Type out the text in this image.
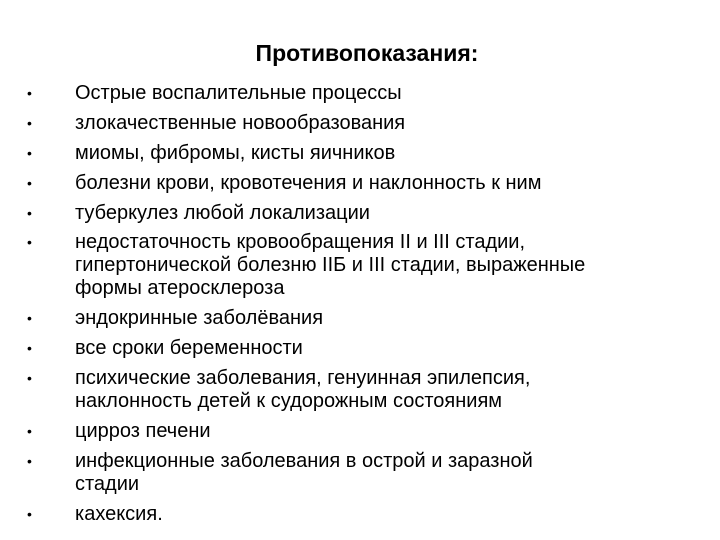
Противопоказания:
•	Острые воспалительные процессы
•	злокачественные новообразования
•	миомы, фибромы, кисты яичников
•	болезни крови, кровотечения и наклонность к ним
•	туберкулез любой локализации
•	недостаточность кровообращения II и III стадии,
гипертонической болезню IIБ и III стадии, выраженные
формы атеросклероза
•	эндокринные заболёвания
•	все сроки беременности
•	психические заболевания, генуинная эпилепсия,
наклонность детей к судорожным состояниям
•	цирроз печени
•	инфекционные заболевания в острой и заразной
стадии
•	кахексия.
